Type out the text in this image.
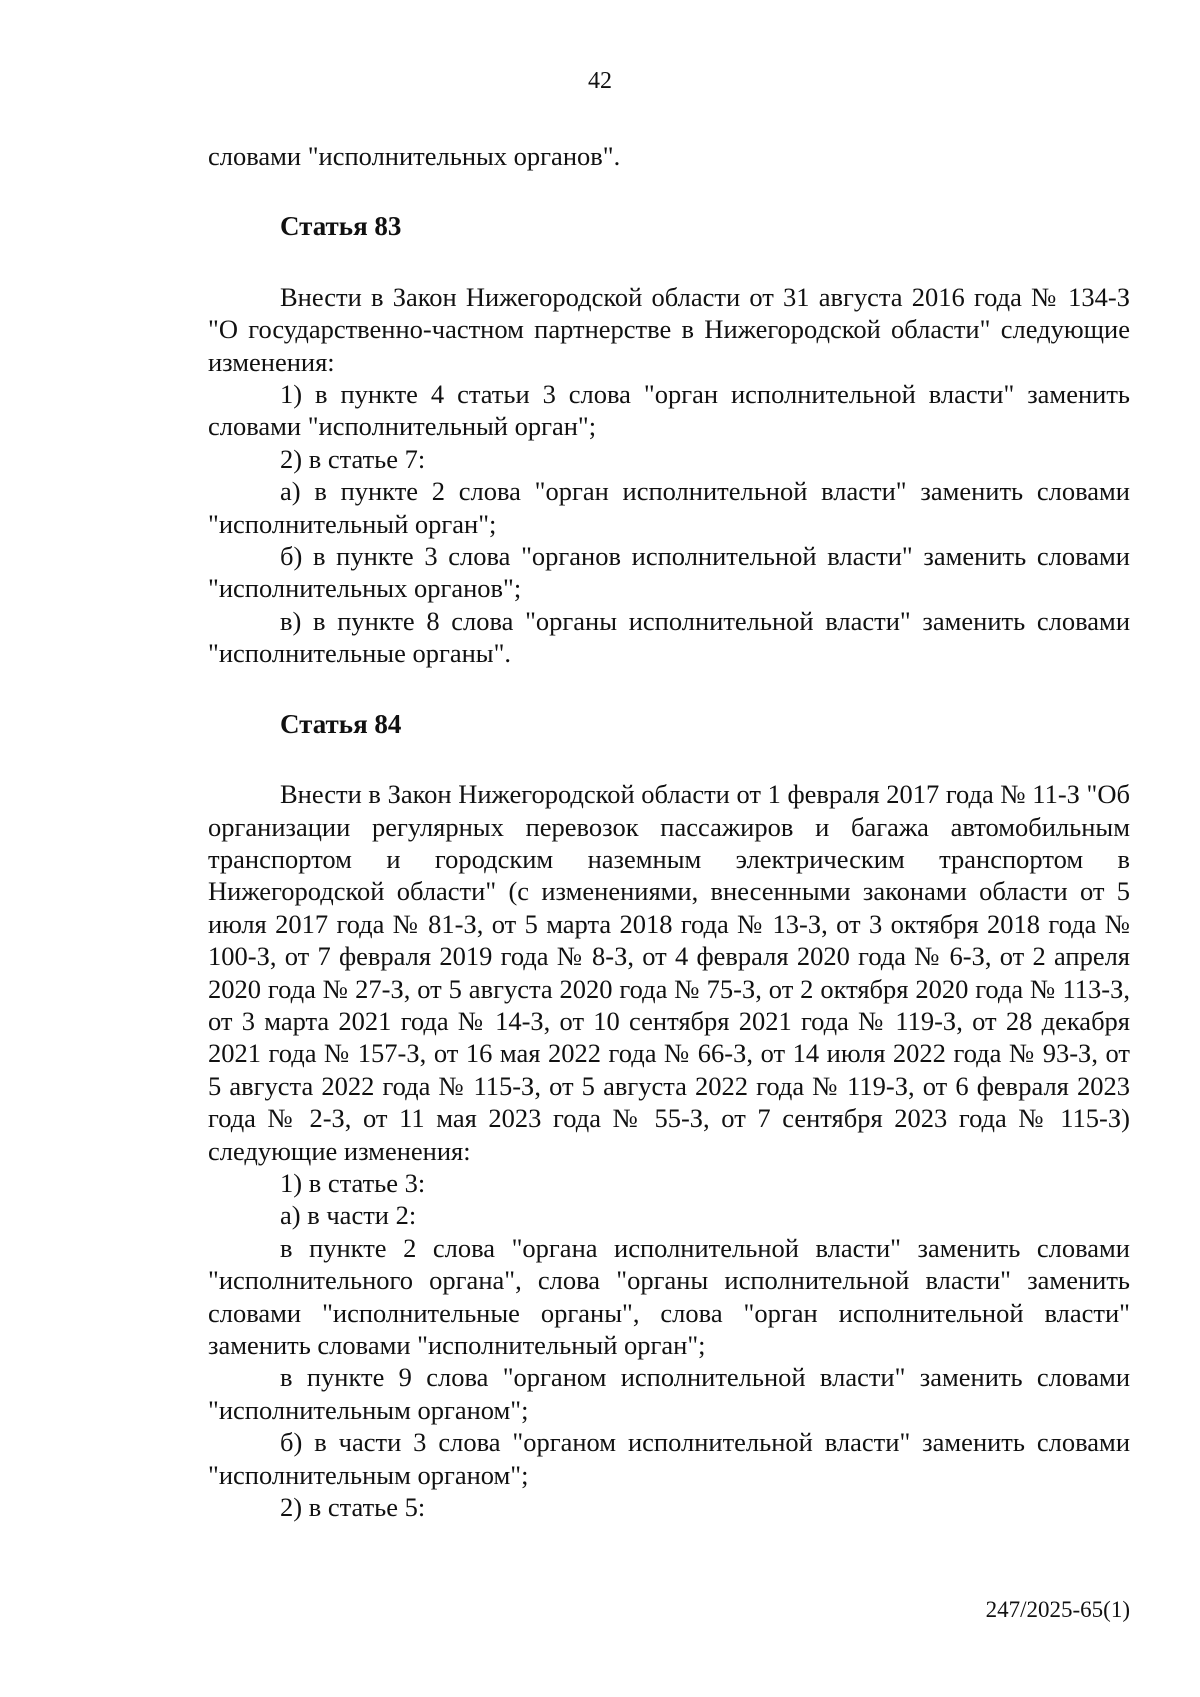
42

словами "исполнительных органов".

Статья 83

Внести в Закон Нижегородской области от 31 августа 2016 года № 134-З "О государственно-частном партнерстве в Нижегородской области" следующие изменения:

1) в пункте 4 статьи 3 слова "орган исполнительной власти" заменить словами "исполнительный орган";

2) в статье 7:

а) в пункте 2 слова "орган исполнительной власти" заменить словами "исполнительный орган";

б) в пункте 3 слова "органов исполнительной власти" заменить словами "исполнительных органов";

в) в пункте 8 слова "органы исполнительной власти" заменить словами "исполнительные органы".

Статья 84

Внести в Закон Нижегородской области от 1 февраля 2017 года № 11-З "Об организации регулярных перевозок пассажиров и багажа автомобильным транспортом и городским наземным электрическим транспортом в Нижегородской области" (с изменениями, внесенными законами области от 5 июля 2017 года № 81-З, от 5 марта 2018 года № 13-З, от 3 октября 2018 года № 100-З, от 7 февраля 2019 года № 8-З, от 4 февраля 2020 года № 6-З, от 2 апреля 2020 года № 27-З, от 5 августа 2020 года № 75-З, от 2 октября 2020 года № 113-З, от 3 марта 2021 года № 14-З, от 10 сентября 2021 года № 119-З, от 28 декабря 2021 года № 157-З, от 16 мая 2022 года № 66-З, от 14 июля 2022 года № 93-З, от 5 августа 2022 года № 115-З, от 5 августа 2022 года № 119-З, от 6 февраля 2023 года № 2-З, от 11 мая 2023 года № 55-З, от 7 сентября 2023 года № 115-З) следующие изменения:

1) в статье 3:

а) в части 2:

в пункте 2 слова "органа исполнительной власти" заменить словами "исполнительного органа", слова "органы исполнительной власти" заменить словами "исполнительные органы", слова "орган исполнительной власти" заменить словами "исполнительный орган";

в пункте 9 слова "органом исполнительной власти" заменить словами "исполнительным органом";

б) в части 3 слова "органом исполнительной власти" заменить словами "исполнительным органом";

2) в статье 5:

247/2025-65(1)
